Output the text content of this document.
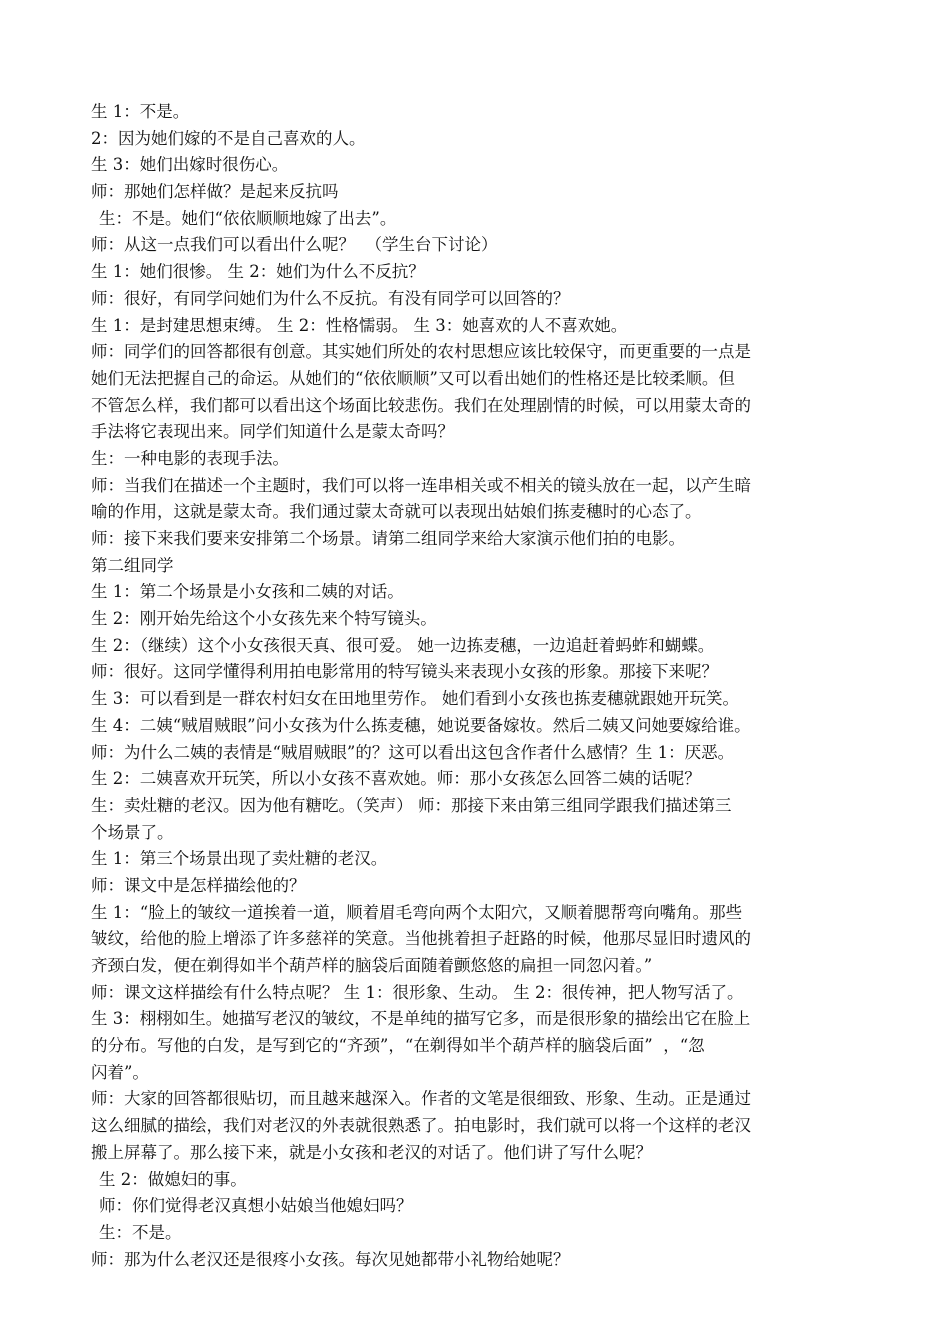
生 1：不是。
2：因为她们嫁的不是自己喜欢的人。
生 3：她们出嫁时很伤心。
师：那她们怎样做？是起来反抗吗
生：不是。她们“依依顺顺地嫁了出去”。
师：从这一点我们可以看出什么呢？  （学生台下讨论）
生 1：她们很惨。 生 2：她们为什么不反抗？
师：很好，有同学问她们为什么不反抗。有没有同学可以回答的？
生 1：是封建思想束缚。 生 2：性格懦弱。 生 3：她喜欢的人不喜欢她。
师：同学们的回答都很有创意。其实她们所处的农村思想应该比较保守，而更重要的一点是
她们无法把握自己的命运。从她们的“依依顺顺”又可以看出她们的性格还是比较柔顺。但
不管怎么样，我们都可以看出这个场面比较悲伤。我们在处理剧情的时候，可以用蒙太奇的
手法将它表现出来。同学们知道什么是蒙太奇吗？
生：一种电影的表现手法。
师：当我们在描述一个主题时，我们可以将一连串相关或不相关的镜头放在一起，以产生暗
喻的作用，这就是蒙太奇。我们通过蒙太奇就可以表现出姑娘们拣麦穗时的心态了。
师：接下来我们要来安排第二个场景。请第二组同学来给大家演示他们拍的电影。
第二组同学
生 1：第二个场景是小女孩和二姨的对话。
生 2：刚开始先给这个小女孩先来个特写镜头。
生 2：（继续）这个小女孩很天真、很可爱。 她一边拣麦穗，一边追赶着蚂蚱和蝴蝶。
师：很好。这同学懂得利用拍电影常用的特写镜头来表现小女孩的形象。那接下来呢？
生 3：可以看到是一群农村妇女在田地里劳作。 她们看到小女孩也拣麦穗就跟她开玩笑。
生 4：二姨“贼眉贼眼”问小女孩为什么拣麦穗，她说要备嫁妆。然后二姨又问她要嫁给谁。
师：为什么二姨的表情是“贼眉贼眼”的？这可以看出这包含作者什么感情？生 1：厌恶。
生 2：二姨喜欢开玩笑，所以小女孩不喜欢她。师：那小女孩怎么回答二姨的话呢？
生：卖灶糖的老汉。因为他有糖吃。（笑声） 师：那接下来由第三组同学跟我们描述第三
个场景了。
生 1：第三个场景出现了卖灶糖的老汉。
师：课文中是怎样描绘他的？
生 1：“脸上的皱纹一道挨着一道，顺着眉毛弯向两个太阳穴，又顺着腮帮弯向嘴角。那些
皱纹，给他的脸上增添了许多慈祥的笑意。当他挑着担子赶路的时候，他那尽显旧时遗风的
齐颈白发，便在剃得如半个葫芦样的脑袋后面随着颤悠悠的扁担一同忽闪着。”
师：课文这样描绘有什么特点呢？ 生 1：很形象、生动。 生 2：很传神，把人物写活了。
生 3：栩栩如生。她描写老汉的皱纹，不是单纯的描写它多，而是很形象的描绘出它在脸上
的分布。写他的白发，是写到它的“齐颈”，“在剃得如半个葫芦样的脑袋后面”  ，“忽
闪着”。
师：大家的回答都很贴切，而且越来越深入。作者的文笔是很细致、形象、生动。正是通过
这么细腻的描绘，我们对老汉的外表就很熟悉了。拍电影时，我们就可以将一个这样的老汉
搬上屏幕了。那么接下来，就是小女孩和老汉的对话了。他们讲了写什么呢？
生 2：做媳妇的事。
师：你们觉得老汉真想小姑娘当他媳妇吗？
生：不是。
师：那为什么老汉还是很疼小女孩。每次见她都带小礼物给她呢？
